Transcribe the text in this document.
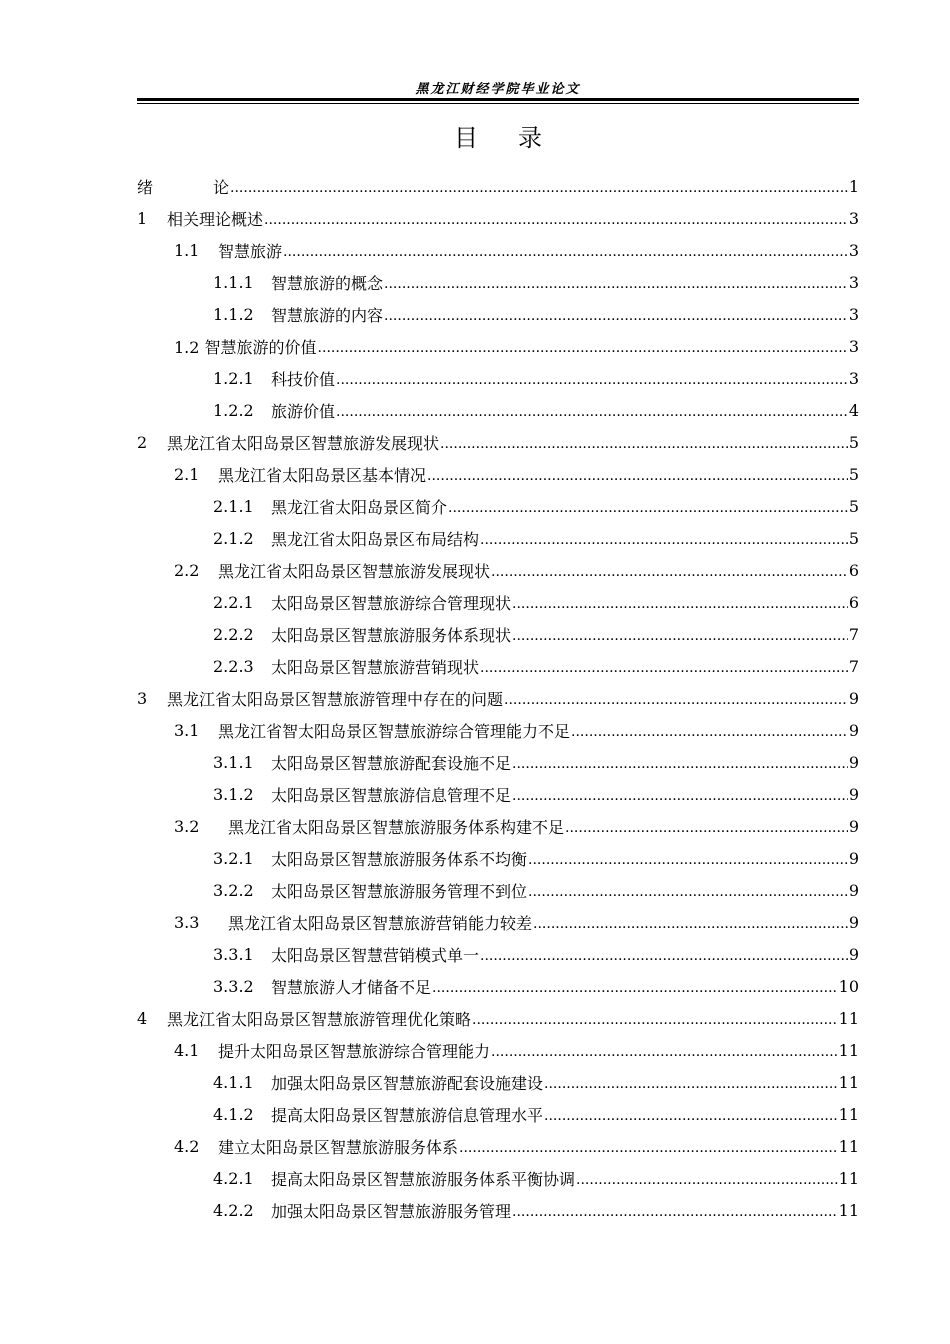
黑龙江财经学院毕业论文
目录
绪	论 .....	1
1	相关理论概述 .....	3
1.1	智慧旅游 .....	3
1.1.1	智慧旅游的概念 .....	3
1.1.2	智慧旅游的内容 .....	3
1.2 智慧旅游的价值 .....	3
1.2.1	科技价值 .....	3
1.2.2	旅游价值 .....	4
2	黑龙江省太阳岛景区智慧旅游发展现状 .....	5
2.1	黑龙江省太阳岛景区基本情况 .....	5
2.1.1	黑龙江省太阳岛景区简介 .....	5
2.1.2	黑龙江省太阳岛景区布局结构 .....	5
2.2	黑龙江省太阳岛景区智慧旅游发展现状 .....	6
2.2.1	太阳岛景区智慧旅游综合管理现状 .....	6
2.2.2	太阳岛景区智慧旅游服务体系现状 .....	7
2.2.3	太阳岛景区智慧旅游营销现状 .....	7
3	黑龙江省太阳岛景区智慧旅游管理中存在的问题 .....	9
3.1	黑龙江省智太阳岛景区智慧旅游综合管理能力不足 .....	9
3.1.1	太阳岛景区智慧旅游配套设施不足 .....	9
3.1.2	太阳岛景区智慧旅游信息管理不足 .....	9
3.2	黑龙江省太阳岛景区智慧旅游服务体系构建不足 .....	9
3.2.1	太阳岛景区智慧旅游服务体系不均衡 .....	9
3.2.2	太阳岛景区智慧旅游服务管理不到位 .....	9
3.3	黑龙江省太阳岛景区智慧旅游营销能力较差 .....	9
3.3.1	太阳岛景区智慧营销模式单一 .....	9
3.3.2	智慧旅游人才储备不足 .....	10
4	黑龙江省太阳岛景区智慧旅游管理优化策略 .....	11
4.1	提升太阳岛景区智慧旅游综合管理能力 .....	11
4.1.1	加强太阳岛景区智慧旅游配套设施建设 .....	11
4.1.2	提高太阳岛景区智慧旅游信息管理水平 .....	11
4.2	建立太阳岛景区智慧旅游服务体系 .....	11
4.2.1	提高太阳岛景区智慧旅游服务体系平衡协调 .....	11
4.2.2	加强太阳岛景区智慧旅游服务管理 .....	11
